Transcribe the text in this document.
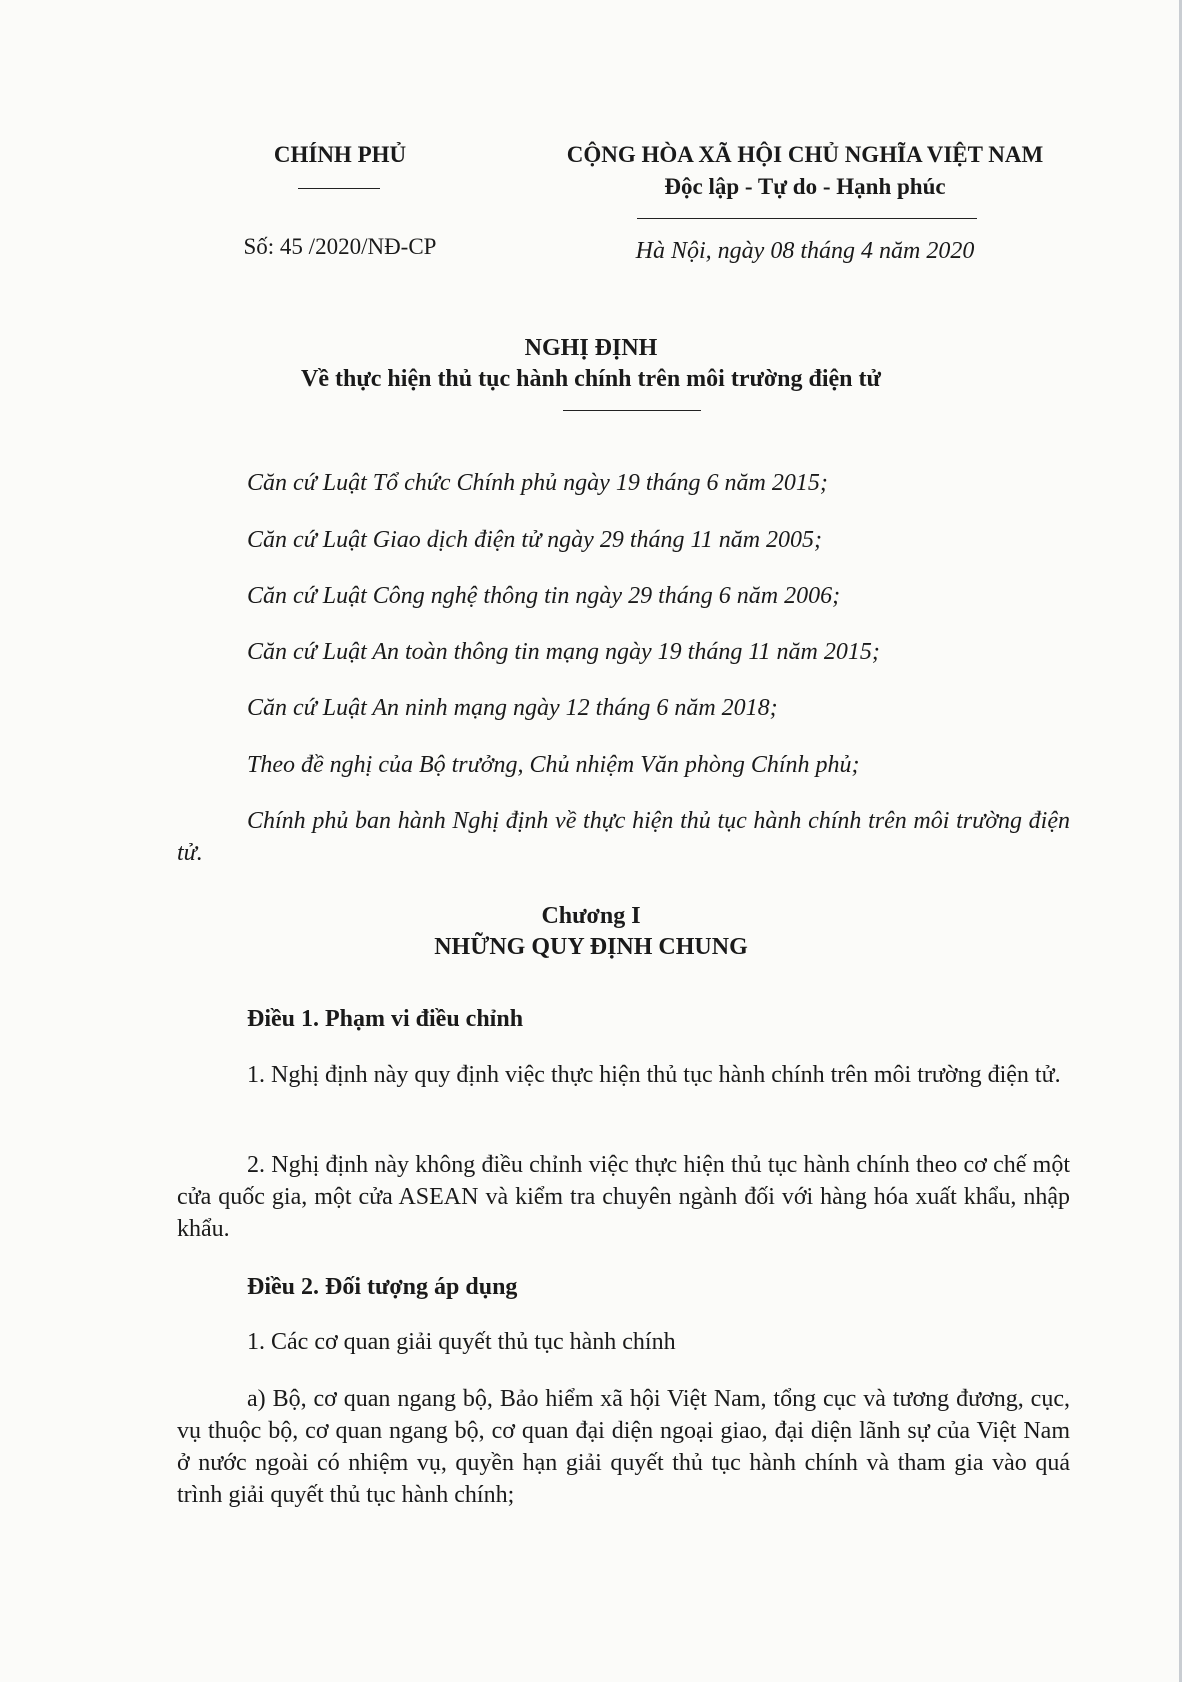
CHÍNH PHỦ
Số: 45 /2020/NĐ-CP
CỘNG HÒA XÃ HỘI CHỦ NGHĨA VIỆT NAM
Độc lập - Tự do - Hạnh phúc
Hà Nội, ngày 08 tháng 4 năm 2020
NGHỊ ĐỊNH
Về thực hiện thủ tục hành chính trên môi trường điện tử
Căn cứ Luật Tổ chức Chính phủ ngày 19 tháng 6 năm 2015;
Căn cứ Luật Giao dịch điện tử ngày 29 tháng 11 năm 2005;
Căn cứ Luật Công nghệ thông tin ngày 29 tháng 6 năm 2006;
Căn cứ Luật An toàn thông tin mạng ngày 19 tháng 11 năm 2015;
Căn cứ Luật An ninh mạng ngày 12 tháng 6 năm 2018;
Theo đề nghị của Bộ trưởng, Chủ nhiệm Văn phòng Chính phủ;
Chính phủ ban hành Nghị định về thực hiện thủ tục hành chính trên môi trường điện tử.
Chương I
NHỮNG QUY ĐỊNH CHUNG
Điều 1. Phạm vi điều chỉnh
1. Nghị định này quy định việc thực hiện thủ tục hành chính trên môi trường điện tử.
2. Nghị định này không điều chỉnh việc thực hiện thủ tục hành chính theo cơ chế một cửa quốc gia, một cửa ASEAN và kiểm tra chuyên ngành đối với hàng hóa xuất khẩu, nhập khẩu.
Điều 2. Đối tượng áp dụng
1. Các cơ quan giải quyết thủ tục hành chính
a) Bộ, cơ quan ngang bộ, Bảo hiểm xã hội Việt Nam, tổng cục và tương đương, cục, vụ thuộc bộ, cơ quan ngang bộ, cơ quan đại diện ngoại giao, đại diện lãnh sự của Việt Nam ở nước ngoài có nhiệm vụ, quyền hạn giải quyết thủ tục hành chính và tham gia vào quá trình giải quyết thủ tục hành chính;
